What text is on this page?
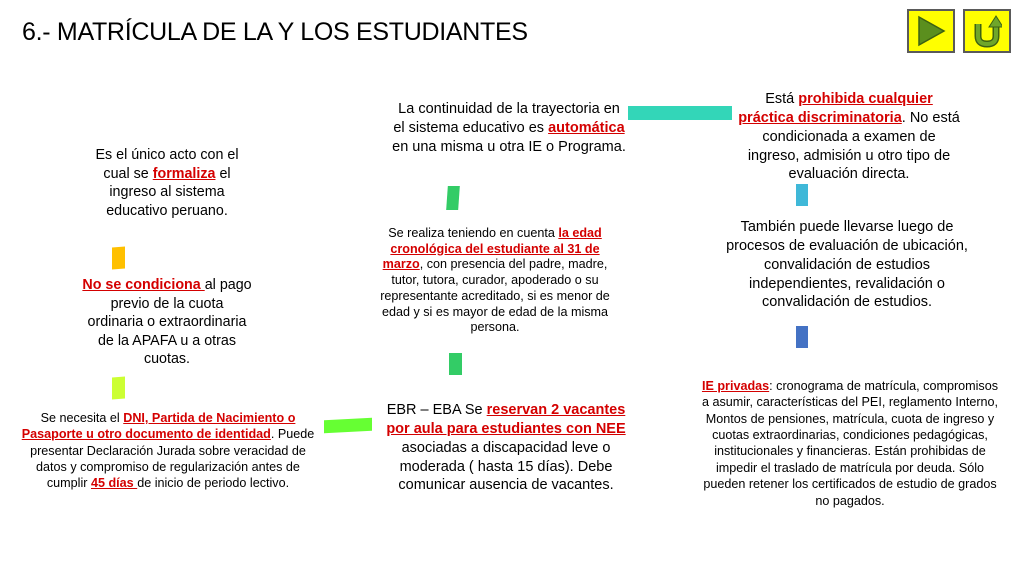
6.- MATRÍCULA DE LA Y LOS ESTUDIANTES
Es el único acto con el cual se formaliza el ingreso al sistema educativo peruano.
No se condiciona al pago previo de la cuota ordinaria o extraordinaria de la APAFA u a otras cuotas.
Se necesita el DNI, Partida de Nacimiento o Pasaporte u otro documento de identidad. Puede presentar Declaración Jurada sobre veracidad de datos y compromiso de regularización antes de cumplir 45 días de inicio de periodo lectivo.
La continuidad de la trayectoria en el sistema educativo es automática en una misma u otra IE o Programa.
Se realiza teniendo en cuenta la edad cronológica del estudiante al 31 de marzo, con presencia del padre, madre, tutor, tutora, curador, apoderado o su representante acreditado, si es menor de edad y si es mayor de edad de la misma persona.
EBR – EBA Se reservan 2 vacantes por aula para estudiantes con NEE asociadas a discapacidad leve o moderada ( hasta 15 días). Debe comunicar ausencia de vacantes.
Está prohibida cualquier práctica discriminatoria. No está condicionada a examen de ingreso, admisión u otro tipo de evaluación directa.
También puede llevarse luego de procesos de evaluación de ubicación, convalidación de estudios independientes, revalidación o convalidación de estudios.
IE privadas: cronograma de matrícula, compromisos a asumir, características del PEI, reglamento Interno, Montos de pensiones, matrícula, cuota de ingreso y cuotas extraordinarias, condiciones pedagógicas, institucionales y financieras. Están prohibidas de impedir el traslado de matrícula por deuda. Sólo pueden retener los certificados de estudio de grados no pagados.
